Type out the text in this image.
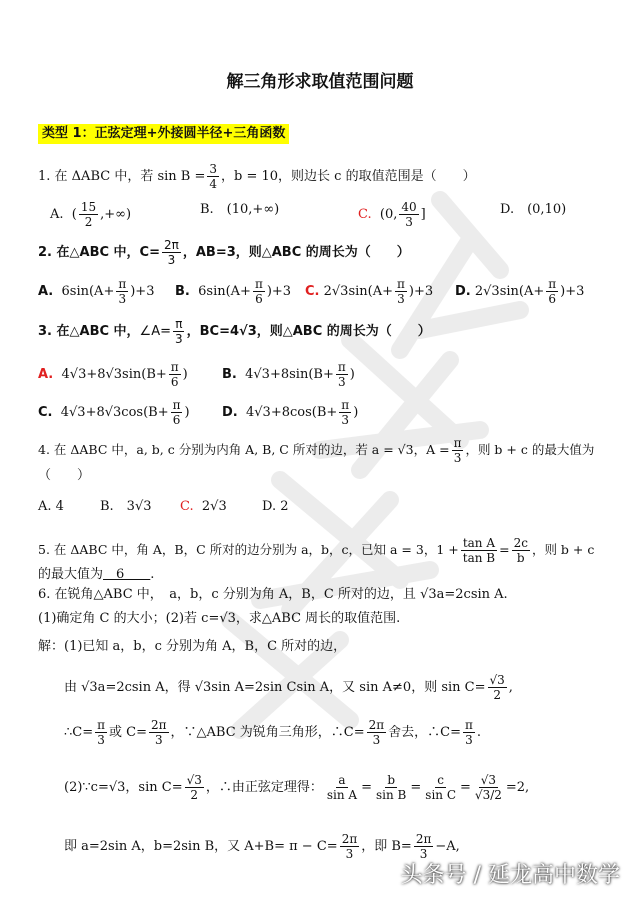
解三角形求取值范围问题
类型 1：正弦定理+外接圆半径+三角函数
1. 在 ΔABC 中，若 $\sin B = \frac{3}{4}$ ，b = 10，则边长 c 的取值范围是（　　）
A. ( $\frac{15}{2}$ ,+∞)	B.　(10,+∞)	C. (0, $\frac{40}{3}$ ]	D.　(0,10)
2. 在△ABC 中，$C= \frac{2\pi}{3}$ ，AB=3，则△ABC 的周长为（　　）
A. $6\sin(A+ \frac{\pi}{3} )+3$ B. $6\sin(A+ \frac{\pi}{6} )+3$ C. $2√3\sin(A+ \frac{\pi}{3} )+3$ D. $2√3\sin(A+ \frac{\pi}{6} )+3$
3. 在△ABC 中，∠A= $\frac{\pi}{3}$ ，BC=4√3，则△ABC 的周长为（　　）
A. $4√3+8√3\sin(B+ \frac{\pi}{6}$ )	B. $4√3+8\sin(B+ \frac{\pi}{3}$ )
C. $4√3+8√3\cos(B+ \frac{\pi}{6}$ ) D. $4√3+8\cos(B+ \frac{\pi}{3}$ )
4. 在 ΔABC 中，a, b, c 分别为内角 A, B, C 所对的边，若 a = √3，$A = \frac{\pi}{3}$ ，则 b + c 的最大值为
（　　）
A. 4	B.　3√3 C. 2√3	D. 2
5. 在 ΔABC 中，角 A，B，C 所对的边分别为 a，b，c，已知 a = 3，$1 + \frac{\text{tan A}}{\text{tan B}} = \frac{2c}{b}$ ，则 b + c
的最大值为　6　　.
6. 在锐角△ABC 中，　a，b，c 分别为角 A，B，C 所对的边，且 √3a=2csin A.
(1)确定角 C 的大小；(2)若 c=√3，求△ABC 周长的取值范围.
解：(1)已知 a，b，c 分别为角 A，B，C 所对的边，
由 √3a=2csin A，得 √3sin A=2sin Csin A，又 sin A≠0，则 $\sin C= \frac{√3}{2}$ ,
∴C= $\frac{\pi}{3}$ 或 $C= \frac{2\pi}{3}$ ，∵△ABC 为锐角三角形，∴C= $\frac{2\pi}{3}$ 舍去，∴C= $\frac{\pi}{3}$ .
(2)∵c=√3，$\sin C= \frac{√3}{2}$ ，∴由正弦定理得： $\frac{a}{\text{sin A}} = \frac{b}{\text{sin B}} = \frac{c}{\text{sin C}} = \frac{√3}{√3/2} =2$,
即 a=2sin A，b=2sin B，又 $A+B= \pi - C= \frac{2\pi}{3}$ ，即 $B= \frac{2\pi}{3} -A$,
头条号 / 延龙高中数学
